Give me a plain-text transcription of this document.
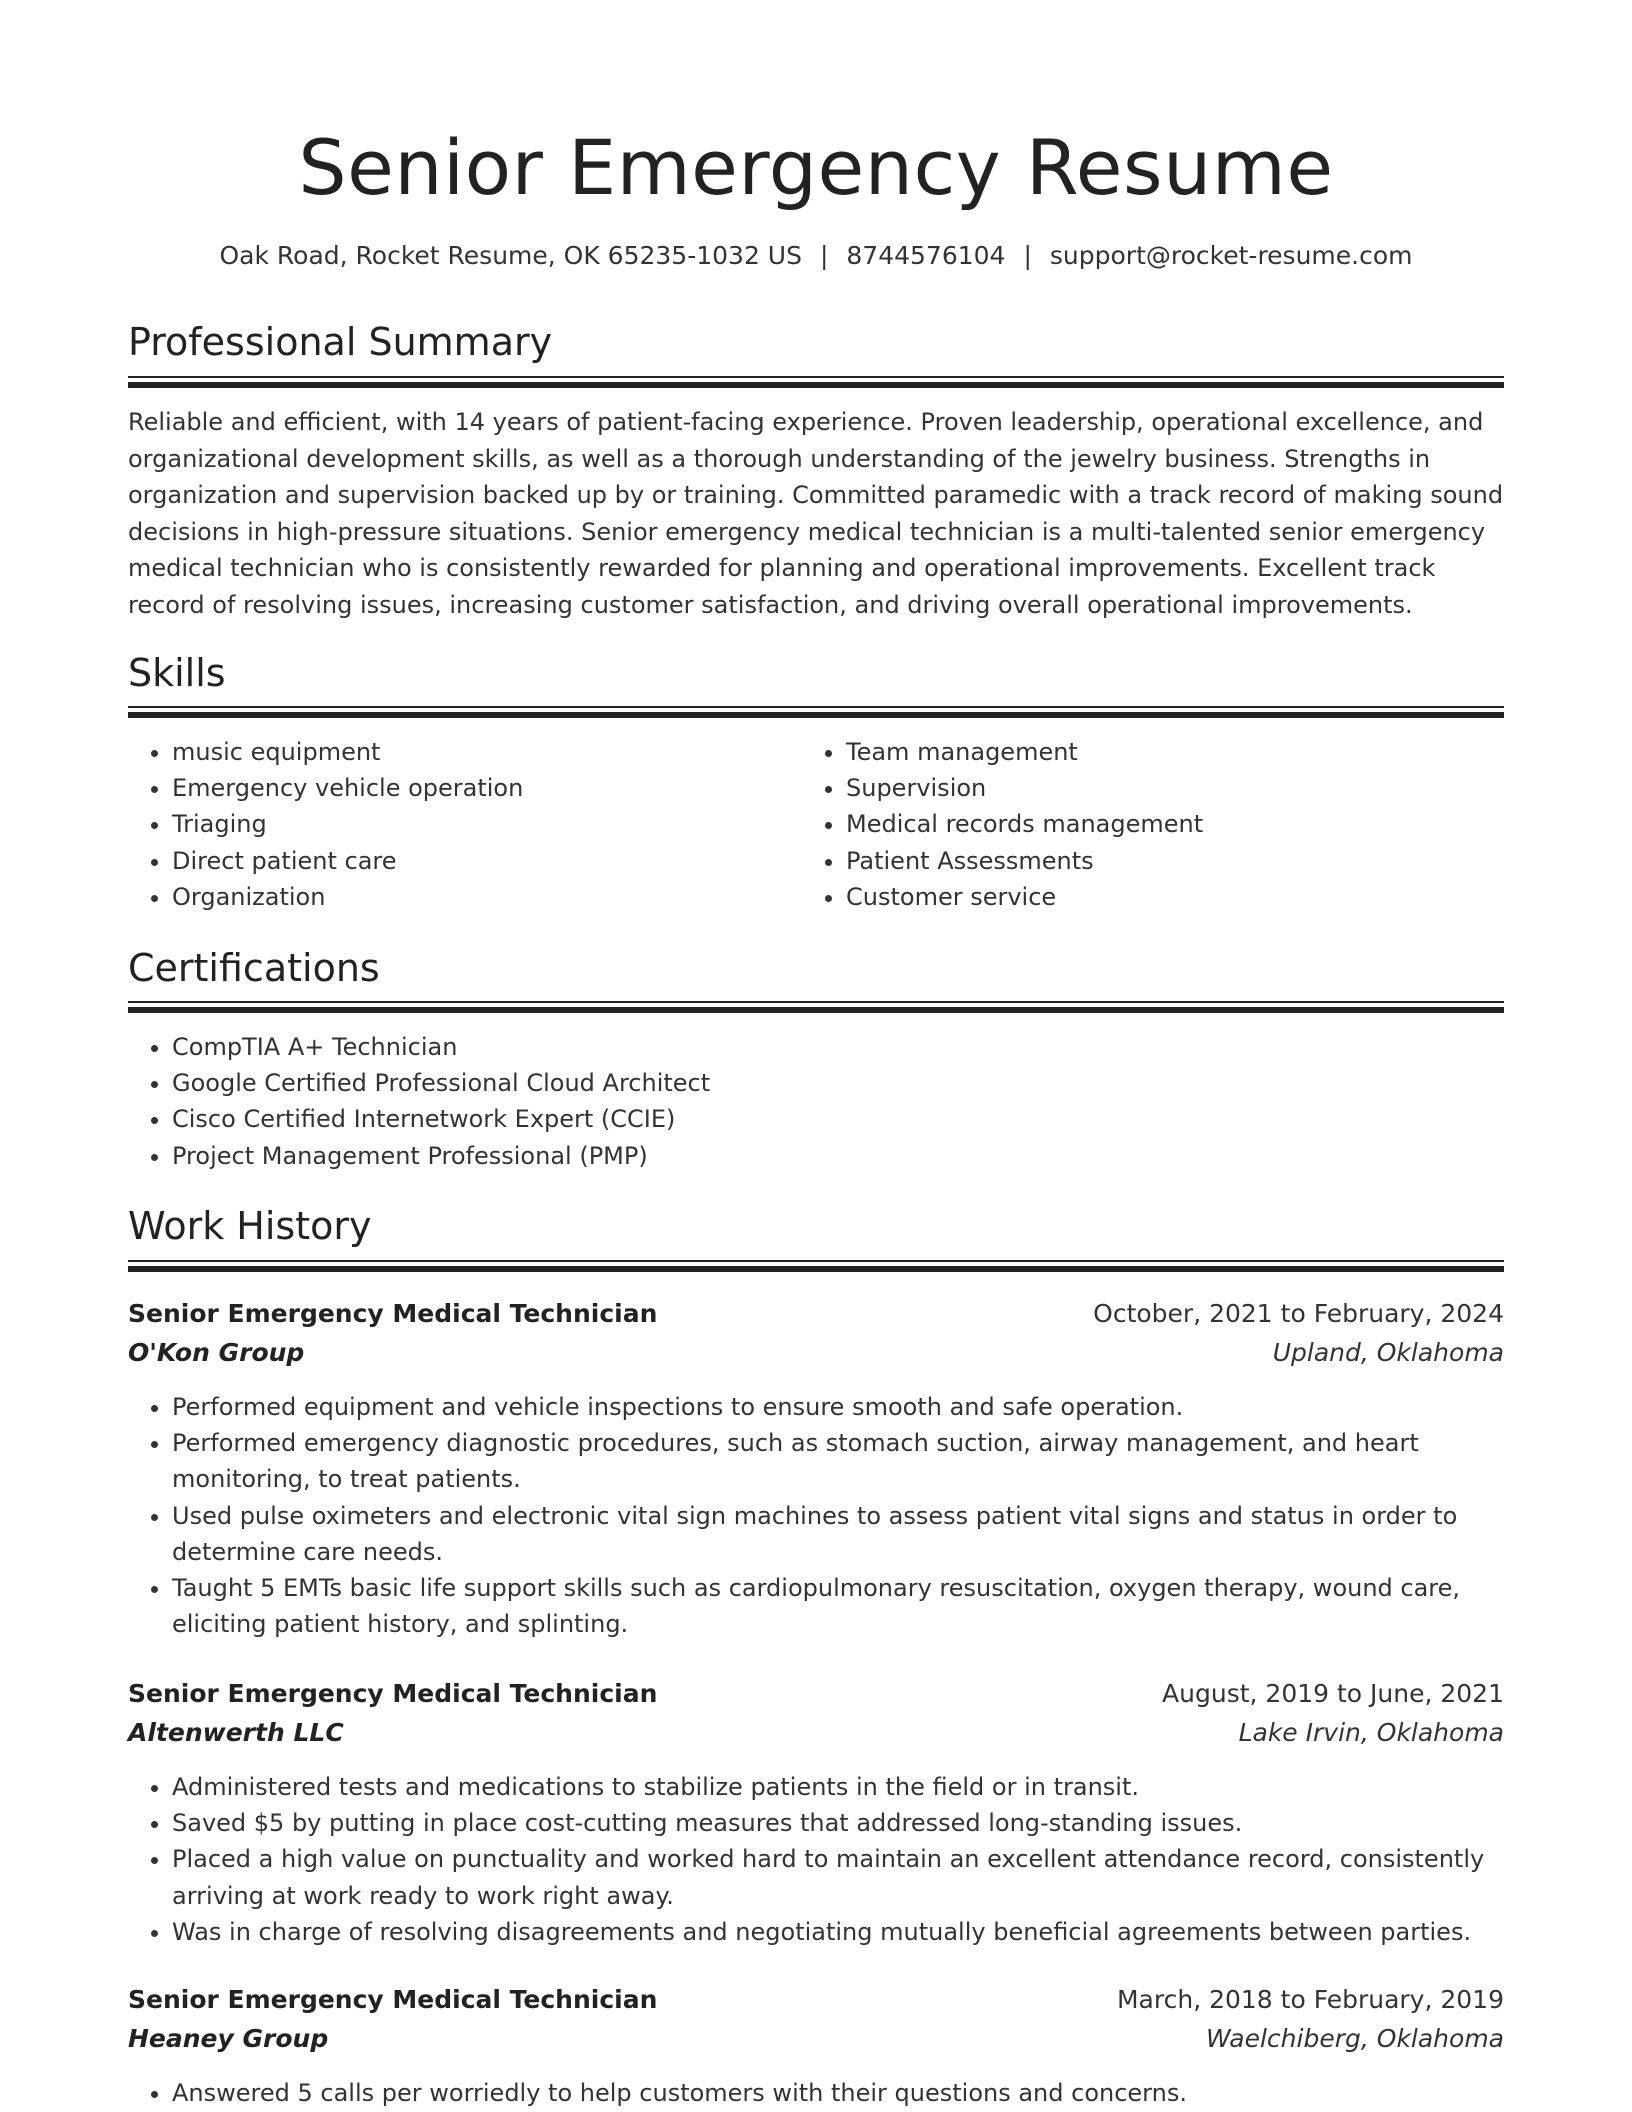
Senior Emergency Resume
Oak Road, Rocket Resume, OK 65235-1032 US | 8744576104 | support@rocket-resume.com
Professional Summary

Reliable and efficient, with 14 years of patient-facing experience. Proven leadership, operational excellence, and organizational development skills, as well as a thorough understanding of the jewelry business. Strengths in organization and supervision backed up by or training. Committed paramedic with a track record of making sound decisions in high-pressure situations. Senior emergency medical technician is a multi-talented senior emergency medical technician who is consistently rewarded for planning and operational improvements. Excellent track record of resolving issues, increasing customer satisfaction, and driving overall operational improvements.

Skills
• music equipment
• Emergency vehicle operation
• Triaging
• Direct patient care
• Organization
• Team management
• Supervision
• Medical records management
• Patient Assessments
• Customer service
Certifications
• CompTIA A+ Technician
• Google Certified Professional Cloud Architect
• Cisco Certified Internetwork Expert (CCIE)
• Project Management Professional (PMP)
Work History
Senior Emergency Medical Technician	October, 2021 to February, 2024
O'Kon Group	Upland, Oklahoma
• Performed equipment and vehicle inspections to ensure smooth and safe operation.
• Performed emergency diagnostic procedures, such as stomach suction, airway management, and heart monitoring, to treat patients.
• Used pulse oximeters and electronic vital sign machines to assess patient vital signs and status in order to determine care needs.
• Taught 5 EMTs basic life support skills such as cardiopulmonary resuscitation, oxygen therapy, wound care, eliciting patient history, and splinting.
Senior Emergency Medical Technician	August, 2019 to June, 2021
Altenwerth LLC	Lake Irvin, Oklahoma
• Administered tests and medications to stabilize patients in the field or in transit.
• Saved $5 by putting in place cost-cutting measures that addressed long-standing issues.
• Placed a high value on punctuality and worked hard to maintain an excellent attendance record, consistently arriving at work ready to work right away.
• Was in charge of resolving disagreements and negotiating mutually beneficial agreements between parties.
Senior Emergency Medical Technician	March, 2018 to February, 2019
Heaney Group	Waelchiberg, Oklahoma
• Answered 5 calls per worriedly to help customers with their questions and concerns.
